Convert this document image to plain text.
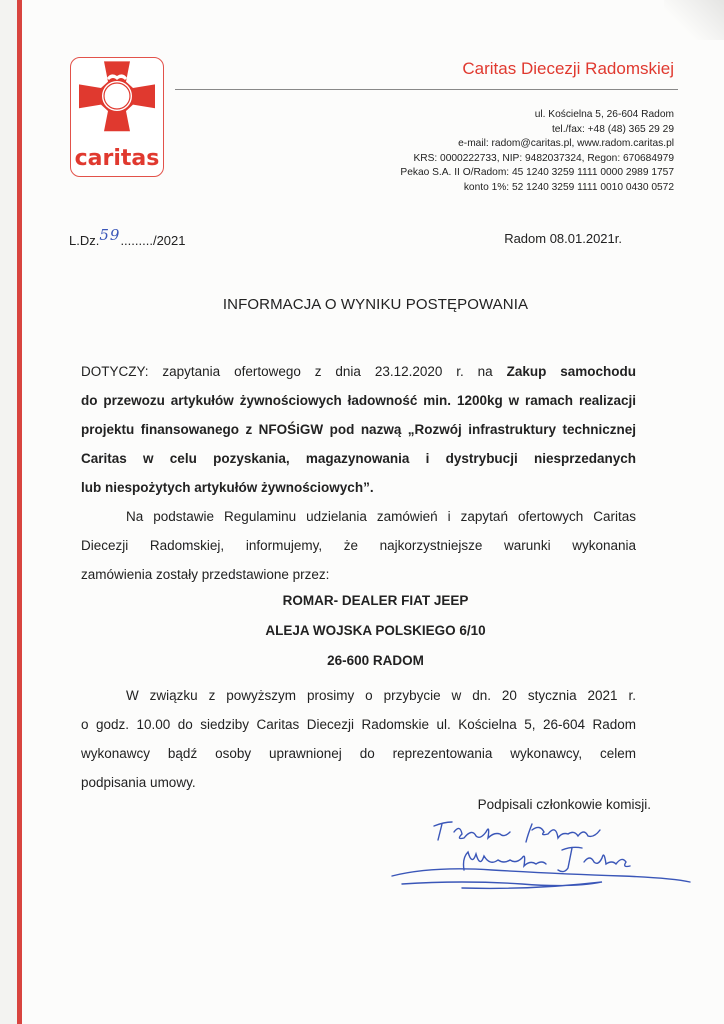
caritas
Caritas Diecezji Radomskiej
ul. Kościelna 5, 26-604 Radom
tel./fax: +48 (48) 365 29 29
e-mail: radom@caritas.pl, www.radom.caritas.pl
KRS: 0000222733, NIP: 9482037324, Regon: 670684979
Pekao S.A. II O/Radom: 45 1240 3259 1111 0000 2989 1757
konto 1%: 52 1240 3259 1111 0010 0430 0572
L.Dz.59........./2021	Radom 08.01.2021r.
INFORMACJA O WYNIKU POSTĘPOWANIA
DOTYCZY: zapytania ofertowego z dnia 23.12.2020 r. na Zakup samochodu
do przewozu artykułów żywnościowych ładowność min. 1200kg w ramach realizacji
projektu finansowanego z NFOŚiGW pod nazwą „Rozwój infrastruktury technicznej
Caritas w celu pozyskania, magazynowania i dystrybucji niesprzedanych
lub niespożytych artykułów żywnościowych”.
Na podstawie Regulaminu udzielania zamówień i zapytań ofertowych Caritas
Diecezji Radomskiej, informujemy, że najkorzystniejsze warunki wykonania
zamówienia zostały przedstawione przez:
ROMAR- DEALER FIAT JEEP
ALEJA WOJSKA POLSKIEGO 6/10
26-600 RADOM
W związku z powyższym prosimy o przybycie w dn. 20 stycznia 2021 r.
o godz. 10.00 do siedziby Caritas Diecezji Radomskie ul. Kościelna 5, 26-604 Radom
wykonawcy bądź osoby uprawnionej do reprezentowania wykonawcy, celem
podpisania umowy.
Podpisali członkowie komisji.
